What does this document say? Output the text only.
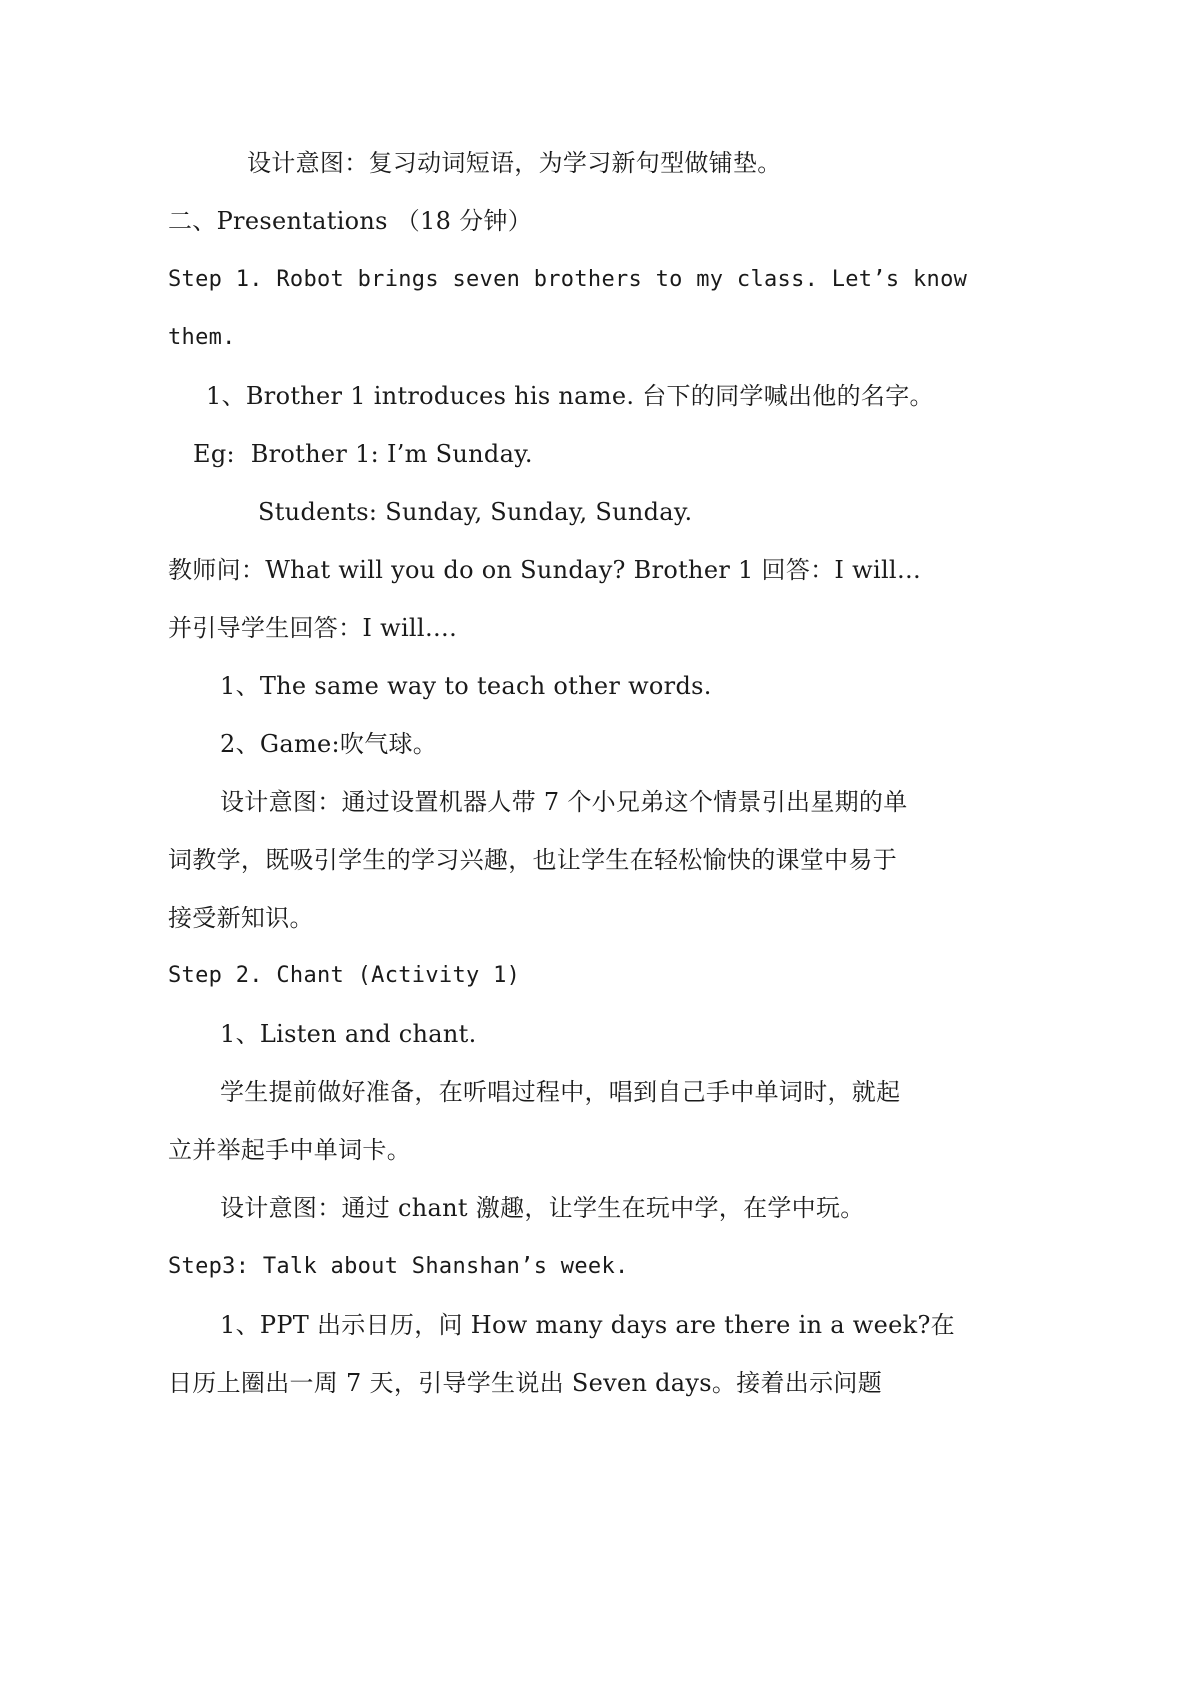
设计意图：复习动词短语，为学习新句型做铺垫。
二、Presentations （18 分钟）
Step 1. Robot brings seven brothers to my class. Let’s know
them.
1、Brother 1 introduces his name. 台下的同学喊出他的名字。
Eg:  Brother 1: I’m Sunday.
Students: Sunday, Sunday, Sunday.
教师问：What will you do on Sunday? Brother 1 回答：I will…
并引导学生回答：I will….
1、The same way to teach other words.
2、Game:吹气球。
设计意图：通过设置机器人带 7 个小兄弟这个情景引出星期的单
词教学，既吸引学生的学习兴趣，也让学生在轻松愉快的课堂中易于
接受新知识。
Step 2. Chant (Activity 1)
1、Listen and chant.
学生提前做好准备，在听唱过程中，唱到自己手中单词时，就起
立并举起手中单词卡。
设计意图：通过 chant 激趣，让学生在玩中学，在学中玩。
Step3: Talk about Shanshan’s week.
1、PPT 出示日历，问 How many days are there in a week?在
日历上圈出一周 7 天，引导学生说出 Seven days。接着出示问题
